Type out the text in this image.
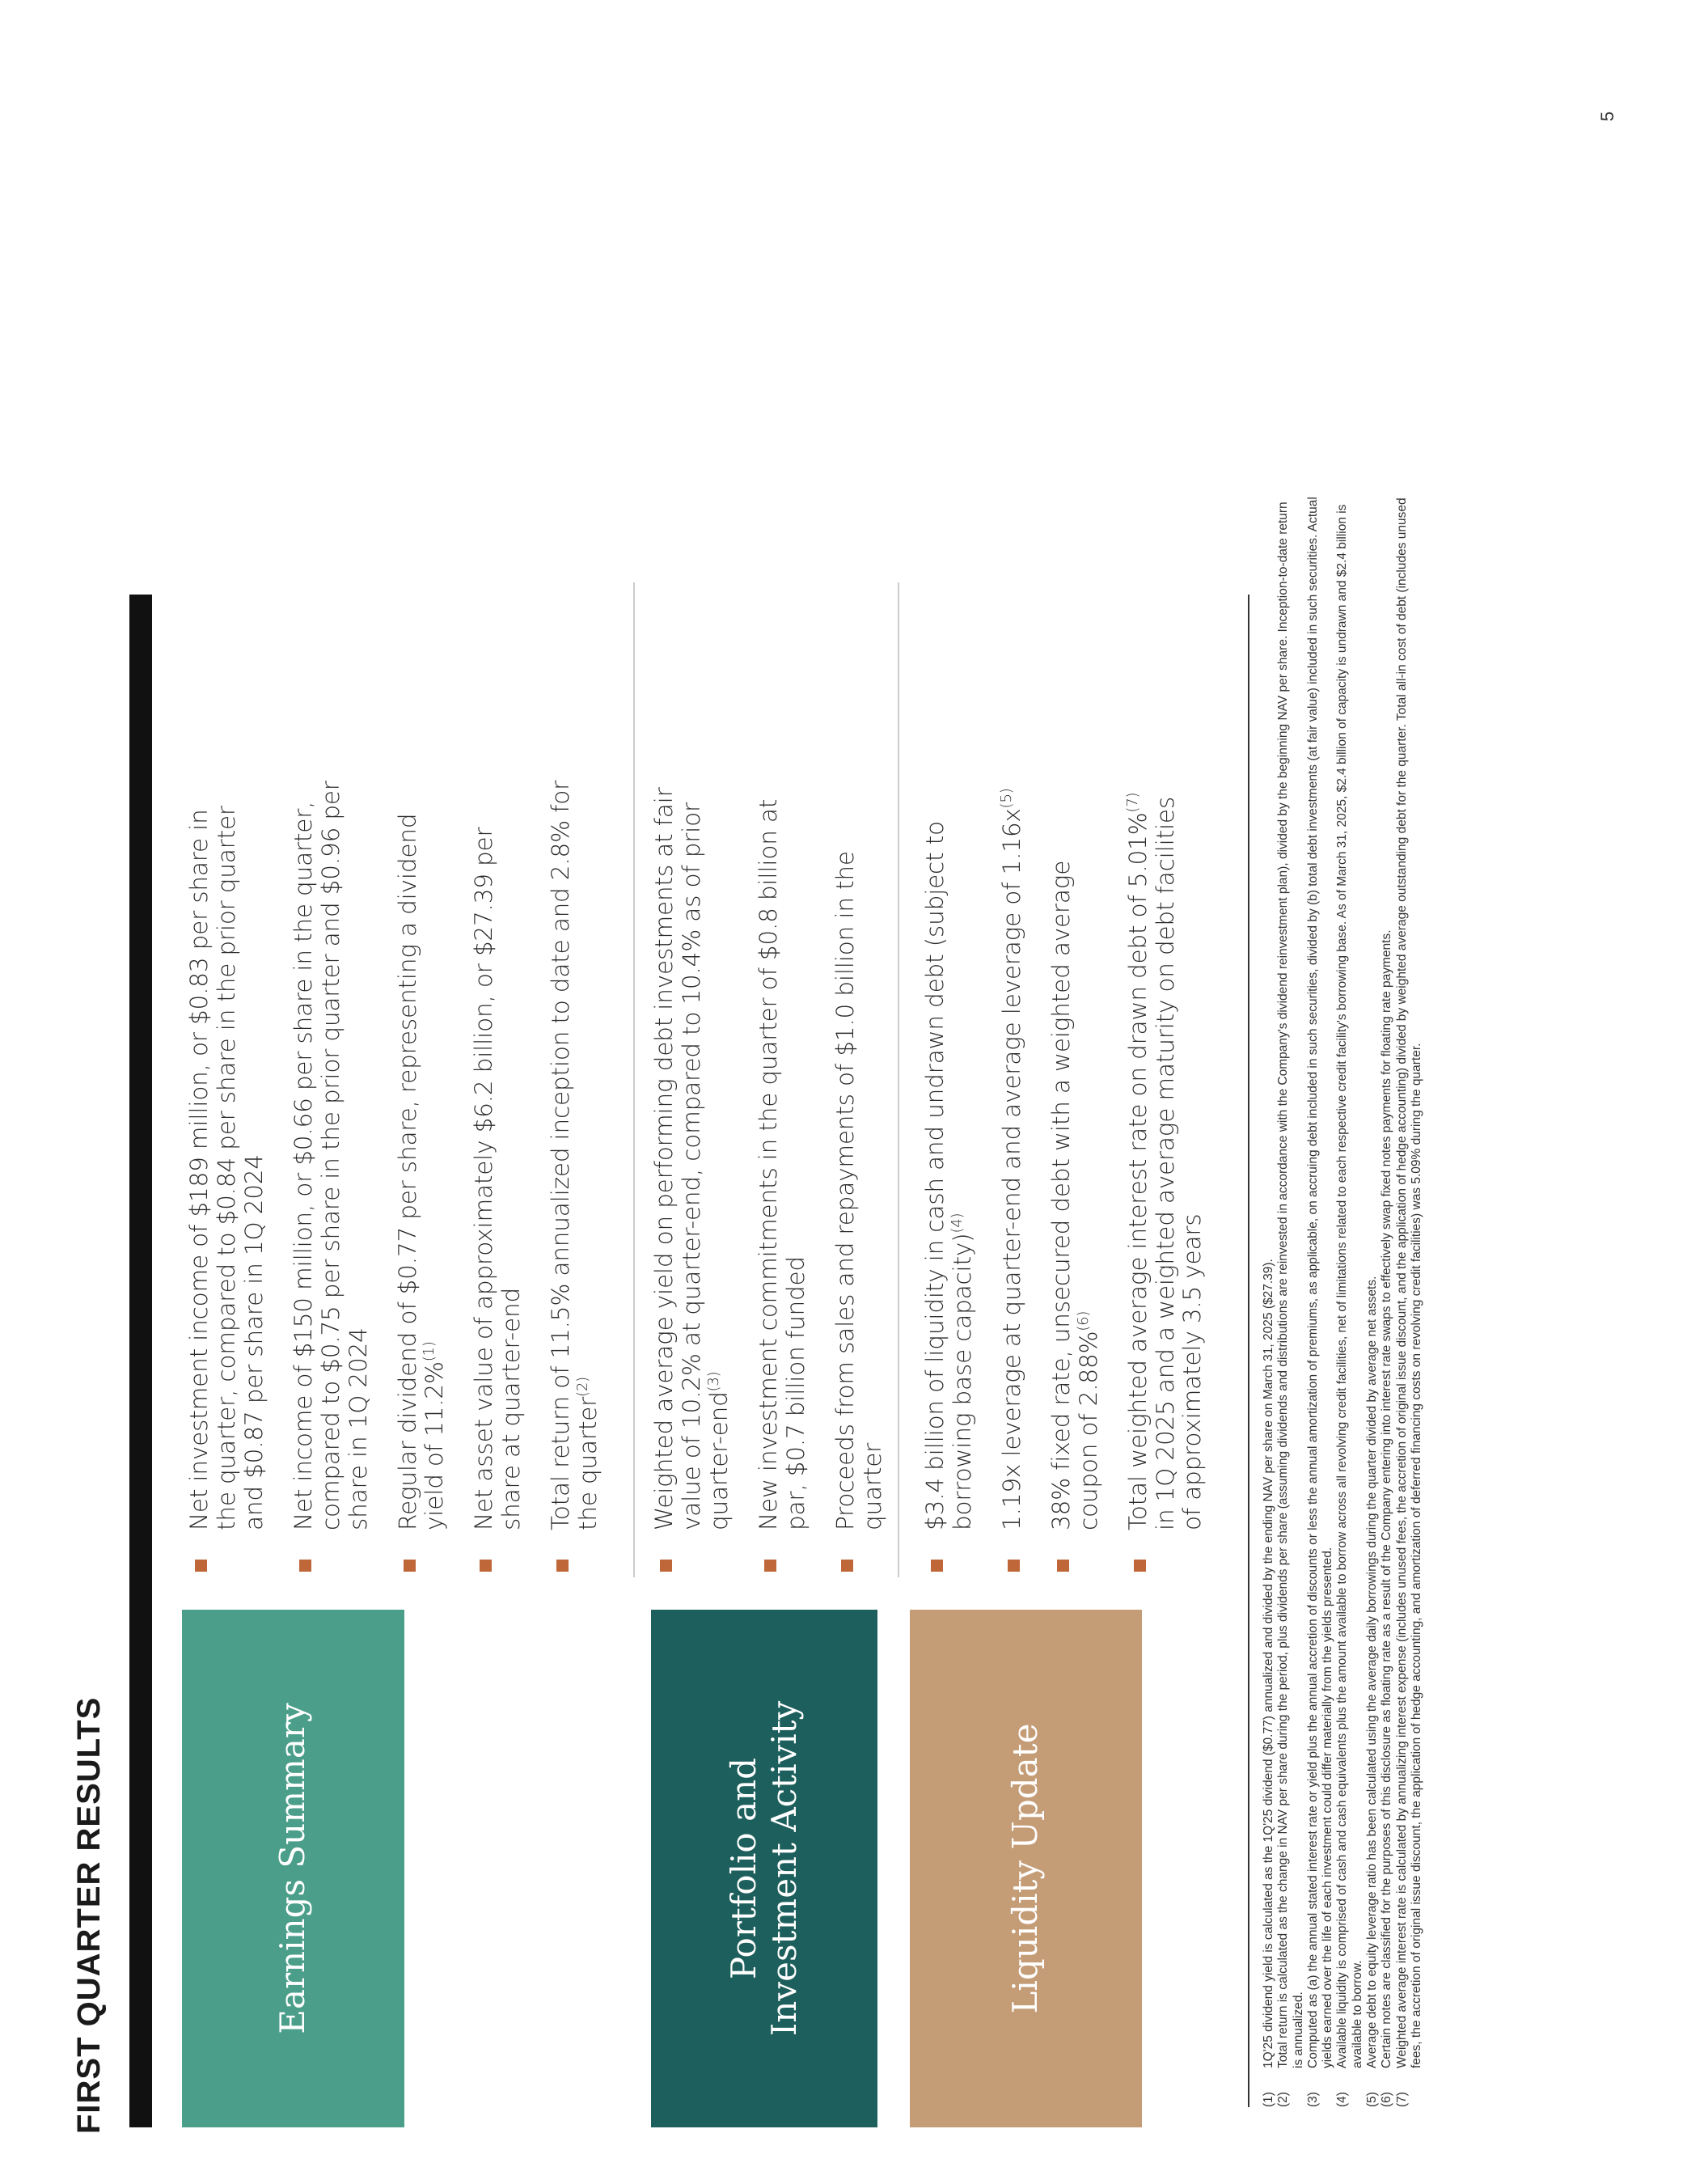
FIRST QUARTER RESULTS	Earnings Summary
Net investment income of $189 million, or $0.83 per share in the quarter, compared to $0.84 per share in the prior quarter and $0.87 per share in 1Q 2024 Net income of $150 million, or $0.66 per share in the quarter, compared to $0.75 per share in the prior quarter and $0.96 per share in 1Q 2024 Regular dividend of $0.77 per share, representing a dividend yield of 11.2%$^{(1)}$	Net asset value of approximately $6.2 billion, or $27.39 per share at quarter-end Total return of 11.5% annualized inception to date and 2.8% for the quarter$^{(2)}$
Portfolio and Investment Activity
Weighted average yield on performing debt investments at fair value of 10.2% at quarter-end, compared to 10.4% as of prior quarter-end$^{(3)}$	New investment commitments in the quarter of $0.8 billion at par, $0.7 billion funded Proceeds from sales and repayments of $1.0 billion in the quarter
Liquidity Update
$3.4 billion of liquidity in cash and undrawn debt (subject to borrowing base capacity)$^{(4)}$	1.19x leverage at quarter-end and average leverage of $1.16x^{(5)}$
38% fixed rate, unsecured debt with a weighted average coupon of 2.88%$^{(6)}$	Total weighted average interest rate on drawn debt of 5.01%$^{(7)}$ in 1Q 2025 and a weighted average maturity on debt facilities of approximately 3.5 years
(1)
1Q'25 dividend yield is calculated as the 1Q'25 dividend ($0.77) annualized and divided by the ending NAV per share on March 31, 2025 ($27.39).
(2)
Total return is calculated as the change in NAV per share during the period, plus dividends per share (assuming dividends and distributions are reinvested in accordance with the Company's dividend reinvestment plan), divided by the beginning NAV per share. Inception-to-date return is annualized.
(3)
Computed as (a) the annual stated interest rate or yield plus the annual accretion of discounts or less the annual amortization of premiums, as applicable, on accruing debt included in such securities, divided by (b) total debt investments (at fair value) included in such securities. Actual yields earned over the life of each investment could differ materially from the yields presented.
(4)
Available liquidity is comprised of cash and cash equivalents plus the amount available to borrow across all revolving credit facilities, net of limitations related to each respective credit facility's borrowing base. As of March 31, 2025, $2.4 billion of capacity is undrawn and $2.4 billion is available to borrow.
(5)
Average debt to equity leverage ratio has been calculated using the average daily borrowings during the quarter divided by average net assets.
(6)
Certain notes are classified for the purposes of this disclosure as floating rate as a result of the Company entering into interest rate swaps to effectively swap fixed notes payments for floating rate payments.
(7)
Weighted average interest rate is calculated by annualizing interest expense (includes unused fees, the accretion of original issue discount, and the application of hedge accounting) divided by weighted average outstanding debt for the quarter. Total all-in cost of debt (includes unused fees, the accretion of original issue discount, the application of hedge accounting, and amortization of deferred financing costs on revolving credit facilities) was 5.09% during the quarter.
5
